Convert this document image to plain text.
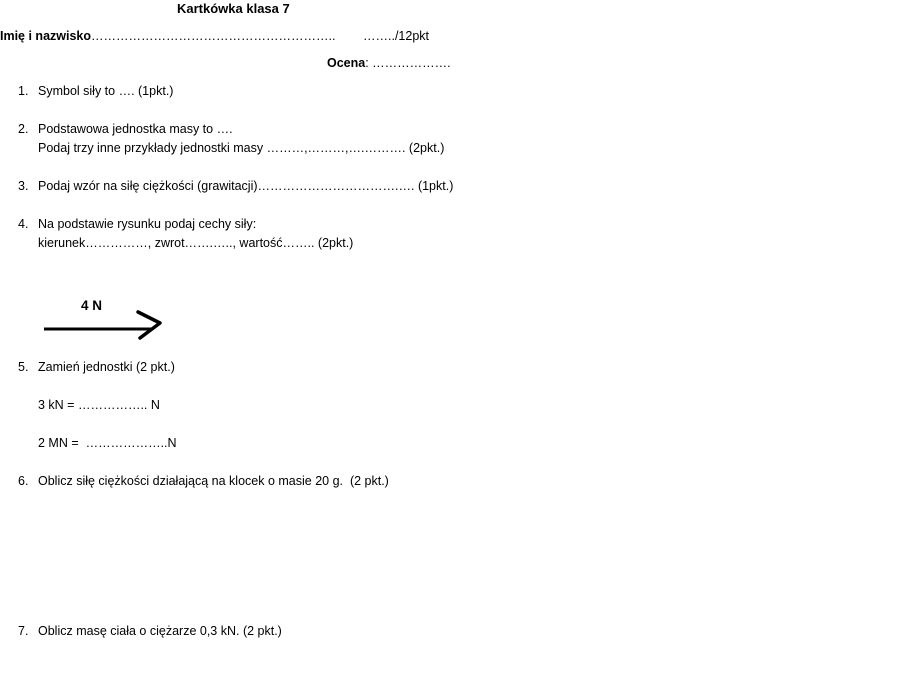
Kartkówka klasa 7
Imię i nazwisko………………………………………………….. ……../12pkt
Ocena: ……………….
1. Symbol siły to …. (1pkt.)
2. Podstawowa jednostka masy to ….
Podaj trzy inne przykłady jednostki masy ………,………,….………. (2pkt.)
3. Podaj wzór na siłę ciężkości (grawitacji)…………………………….…. (1pkt.)
4. Na podstawie rysunku podaj cechy siły:
kierunek……………, zwrot…….….., wartość…….. (2pkt.)
4 N
5. Zamień jednostki (2 pkt.)
3 kN = …………….. N
2 MN =  ………………..N
6. Oblicz siłę ciężkości działającą na klocek o masie 20 g.  (2 pkt.)
7. Oblicz masę ciała o ciężarze 0,3 kN. (2 pkt.)
